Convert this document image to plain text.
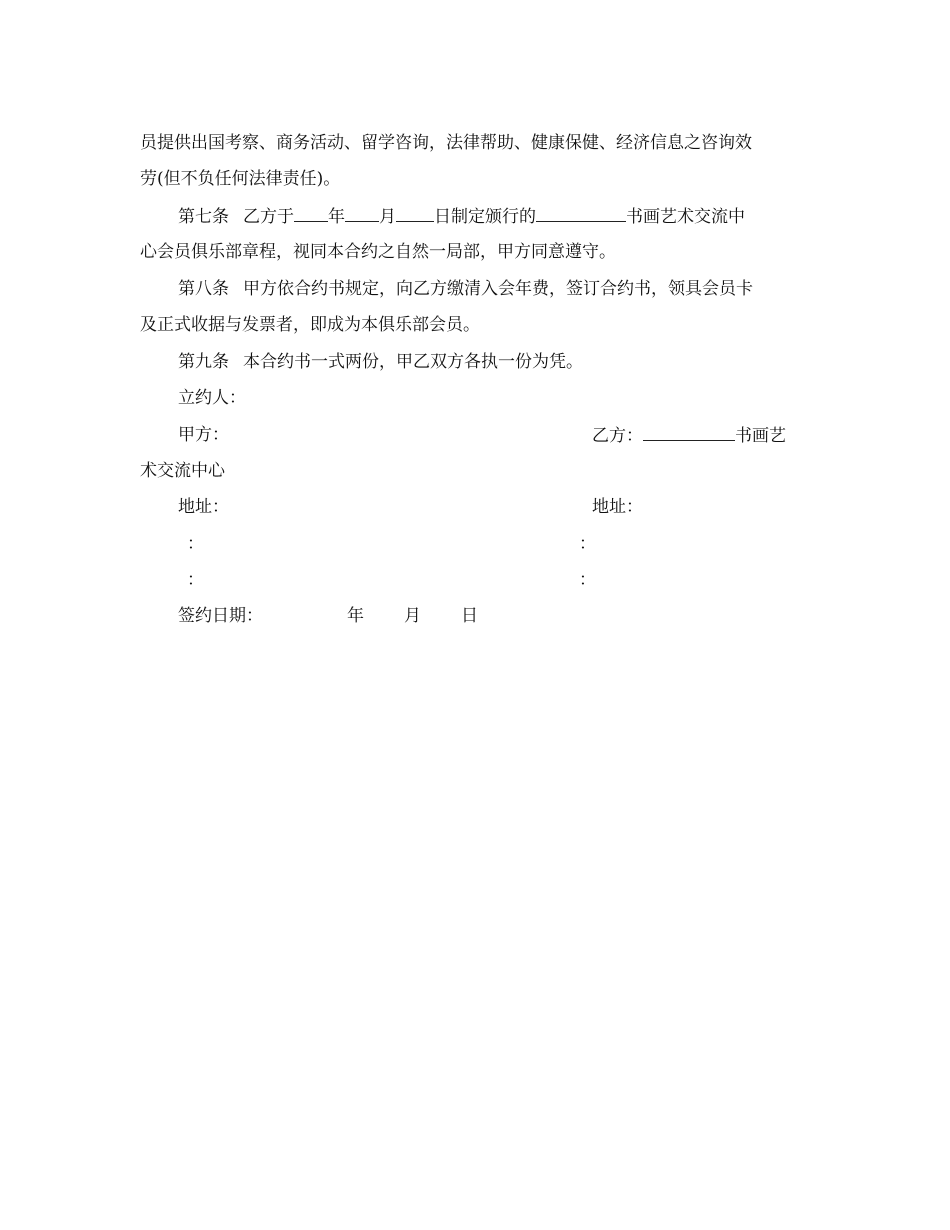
员提供出国考察、商务活动、留学咨询，法律帮助、健康保健、经济信息之咨询效
劳(但不负任何法律责任)。
第七条 乙方于 年 月 日制定颁行的	书画艺术交流中
心会员俱乐部章程，视同本合约之自然一局部，甲方同意遵守。
第八条 甲方依合约书规定，向乙方缴清入会年费，签订合约书，领具会员卡
及正式收据与发票者，即成为本俱乐部会员。
第九条 本合约书一式两份，甲乙双方各执一份为凭。
立约人：
甲方：	乙方：	书画艺
术交流中心
地址：	地址：
：	：
：	：
签约日期：	年 月 日
